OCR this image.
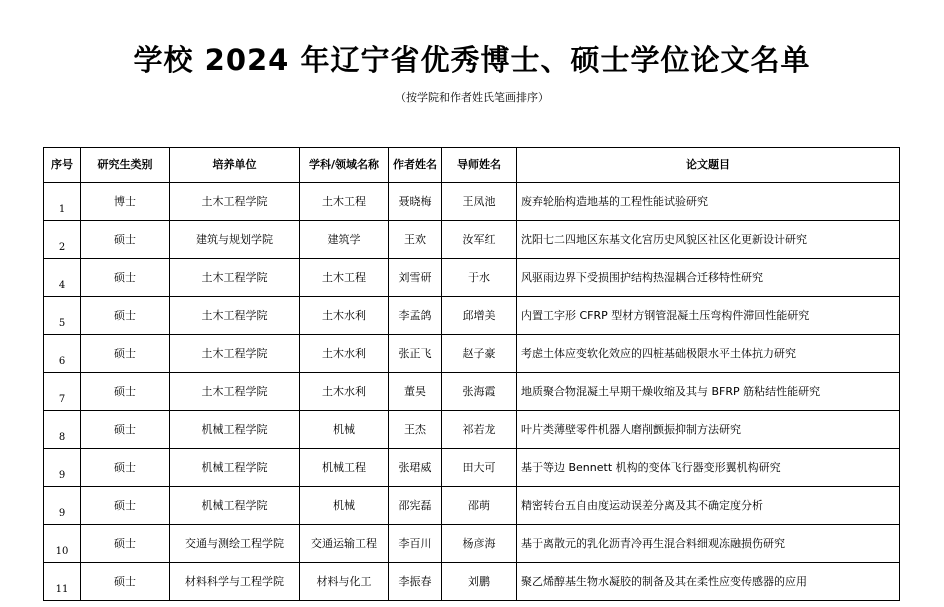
学校 2024 年辽宁省优秀博士、硕士学位论文名单
（按学院和作者姓氏笔画排序）
序号	研究生类别	培养单位	学科/领域名称	作者姓名	导师姓名	论文题目
1	博士	土木工程学院	土木工程	聂晓梅	王凤池	废弃轮胎构造地基的工程性能试验研究
2	硕士	建筑与规划学院	建筑学	王欢	汝军红	沈阳七二四地区东基文化宫历史风貌区社区化更新设计研究
4	硕士	土木工程学院	土木工程	刘雪研	于水	风驱雨边界下受损围护结构热湿耦合迁移特性研究
5	硕士	土木工程学院	土木水利	李孟鸽	邱增美	内置工字形 CFRP 型材方钢管混凝土压弯构件滞回性能研究
6	硕士	土木工程学院	土木水利	张正飞	赵子豪	考虑土体应变软化效应的四桩基础极限水平土体抗力研究
7	硕士	土木工程学院	土木水利	董昊	张海霞	地质聚合物混凝土早期干燥收缩及其与 BFRP 筋粘结性能研究
8	硕士	机械工程学院	机械	王杰	祁若龙	叶片类薄壁零件机器人磨削颤振抑制方法研究
9	硕士	机械工程学院	机械工程	张珺威	田大可	基于等边 Bennett 机构的变体飞行器变形翼机构研究
9	硕士	机械工程学院	机械	邵宪磊	邵萌	精密转台五自由度运动误差分离及其不确定度分析
10	硕士	交通与测绘工程学院	交通运输工程	李百川	杨彦海	基于离散元的乳化沥青冷再生混合料细观冻融损伤研究
11	硕士	材料科学与工程学院	材料与化工	李振春	刘鹏	聚乙烯醇基生物水凝胶的制备及其在柔性应变传感器的应用
